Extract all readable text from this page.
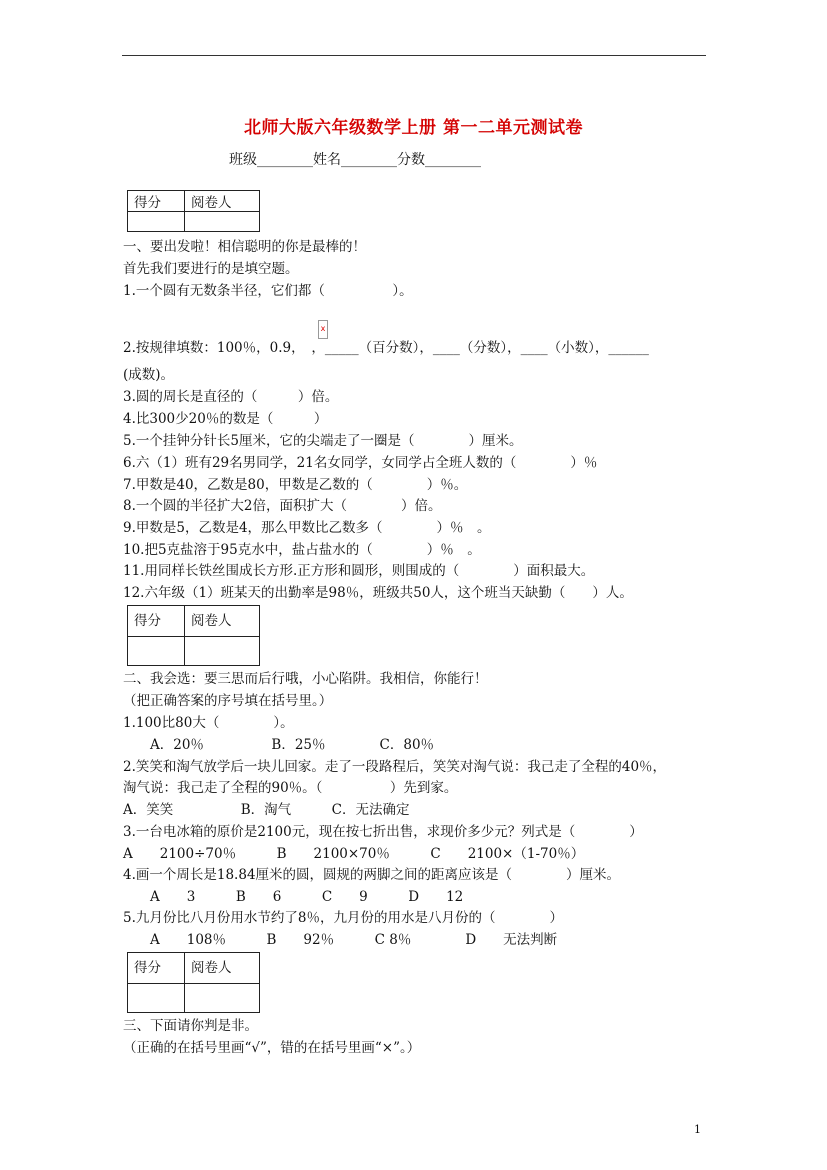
北师大版六年级数学上册 第一二单元测试卷
班级________姓名________分数________
得分	阅卷人

一、要出发啦！相信聪明的你是最棒的！
首先我们要进行的是填空题。
1.一个圆有无数条半径，它们都（　　　　　）。
x
2.按规律填数：100％，0.9，　，_____（百分数），____（分数），____（小数），______
(成数)。
3.圆的周长是直径的（　　　）倍。
4.比300少20％的数是（　　　）
5.一个挂钟分针长5厘米，它的尖端走了一圈是（　　　　）厘米。
6.六（1）班有29名男同学，21名女同学，女同学占全班人数的（　　　　）％
7.甲数是40，乙数是80，甲数是乙数的（　　　　）％。
8.一个圆的半径扩大2倍，面积扩大（　　　　）倍。
9.甲数是5，乙数是4，那么甲数比乙数多（　　　　）％　。
10.把5克盐溶于95克水中，盐占盐水的（　　　　）％　。
11.用同样长铁丝围成长方形.正方形和圆形，则围成的（　　　　）面积最大。
12.六年级（1）班某天的出勤率是98％，班级共50人，这个班当天缺勤（　　）人。
得分	阅卷人

二、我会选：要三思而后行哦，小心陷阱。我相信，你能行！
（把正确答案的序号填在括号里。）
1.100比80大（　　　　）。
　　A．20％　　　　　B．25％　　　　C．80％
2.笑笑和淘气放学后一块儿回家。走了一段路程后，笑笑对淘气说：我己走了全程的40％，
淘气说：我己走了全程的90％。（　　　　　）先到家。
A．笑笑　　　　　B．淘气　　　C．无法确定
3.一台电冰箱的原价是2100元，现在按七折出售，求现价多少元？列式是（　　　　）
A　　2100÷70％　　　B　　2100×70％　　　C　　2100×（1-70％）
4.画一个周长是18.84厘米的圆，圆规的两脚之间的距离应该是（　　　　）厘米。
　　A　　3　　　B　　6　　　C　　9　　　D　　12
5.九月份比八月份用水节约了8％，九月份的用水是八月份的（　　　　）
　　A　　108％　　　B　　92％　　　C 8％　　　　D　　无法判断
得分	阅卷人

三、下面请你判是非。
（正确的在括号里画“√”，错的在括号里画“×”。）
1
